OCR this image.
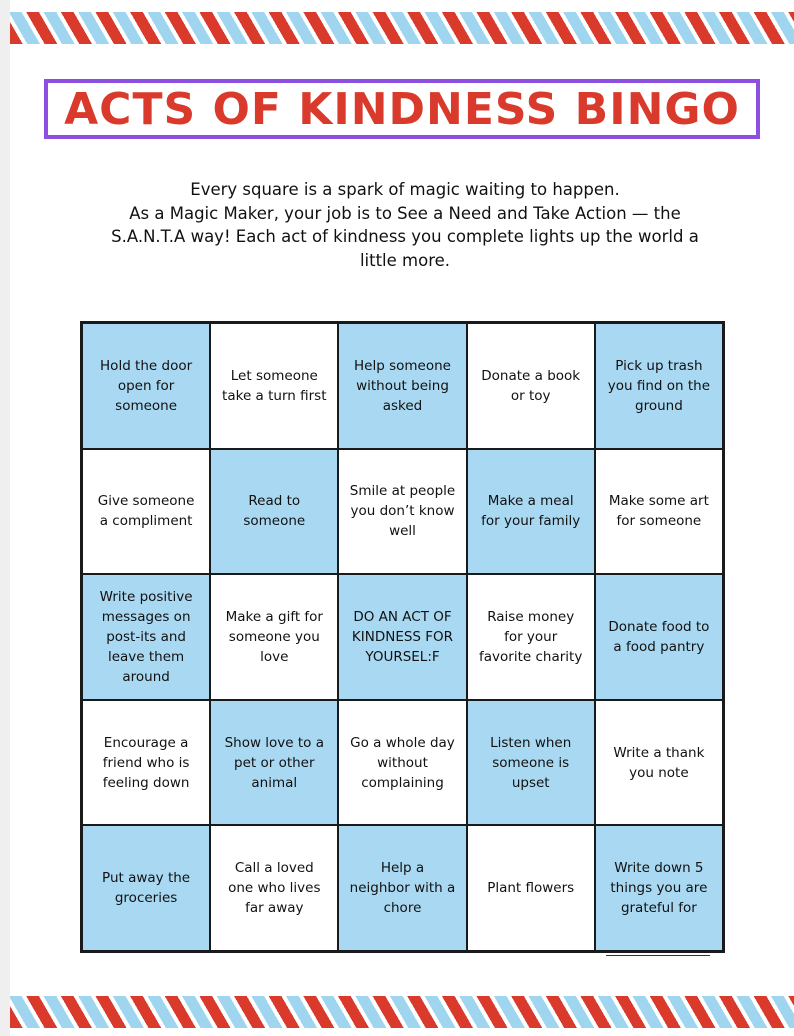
ACTS OF KINDNESS BINGO
Every square is a spark of magic waiting to happen.
As a Magic Maker, your job is to See a Need and Take Action — the
S.A.N.T.A way! Each act of kindness you complete lights up the world a
little more.
Hold the door open for someone
Let someone take a turn first
Help someone without being asked
Donate a book or toy
Pick up trash you find on the ground
Give someone a compliment
Read to someone
Smile at people you don’t know well
Make a meal for your family
Make some art for someone
Write positive messages on post-its and leave them around
Make a gift for someone you love
DO AN ACT OF KINDNESS FOR YOURSEL:F
Raise money for your favorite charity
Donate food to a food pantry
Encourage a friend who is feeling down
Show love to a pet or other animal
Go a whole day without complaining
Listen when someone is upset
Write a thank you note
Put away the groceries
Call a loved one who lives far away
Help a neighbor with a chore
Plant flowers
Write down 5 things you are grateful for
